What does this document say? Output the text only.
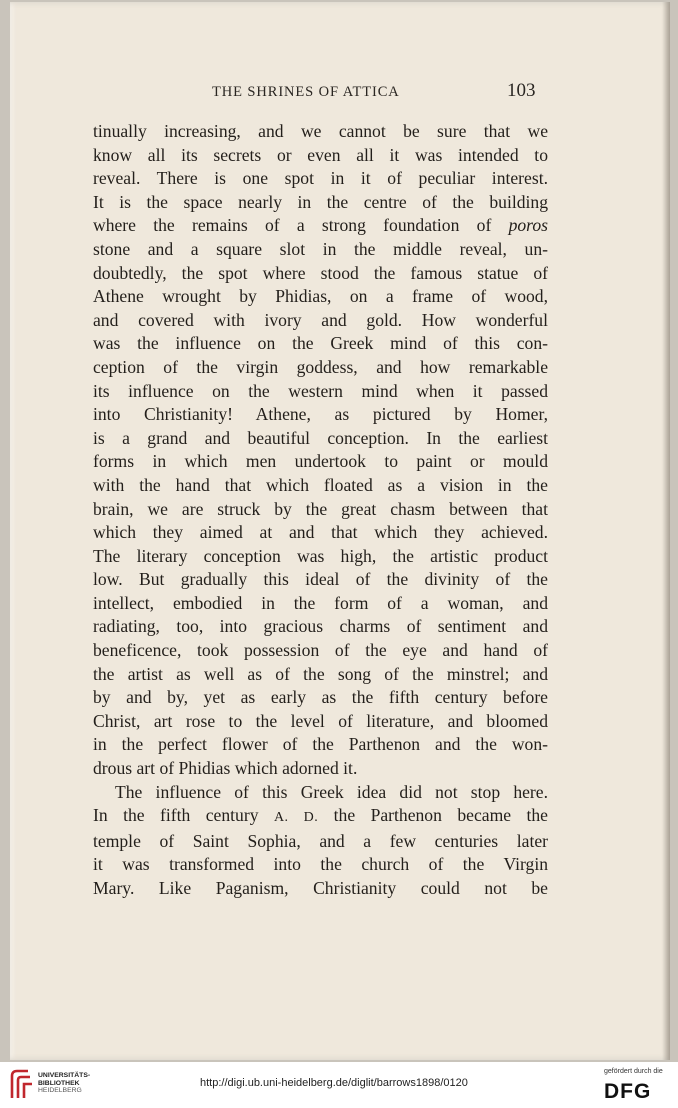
THE SHRINES OF ATTICA	103

tinually increasing, and we cannot be sure that we
know all its secrets or even all it was intended to
reveal. There is one spot in it of peculiar interest.
It is the space nearly in the centre of the building
where the remains of a strong foundation of poros
stone and a square slot in the middle reveal, un-
doubtedly, the spot where stood the famous statue of
Athene wrought by Phidias, on a frame of wood,
and covered with ivory and gold. How wonderful
was the influence on the Greek mind of this con-
ception of the virgin goddess, and how remarkable
its influence on the western mind when it passed
into Christianity! Athene, as pictured by Homer,
is a grand and beautiful conception. In the earliest
forms in which men undertook to paint or mould
with the hand that which floated as a vision in the
brain, we are struck by the great chasm between that
which they aimed at and that which they achieved.
The literary conception was high, the artistic product
low. But gradually this ideal of the divinity of the
intellect, embodied in the form of a woman, and
radiating, too, into gracious charms of sentiment and
beneficence, took possession of the eye and hand of
the artist as well as of the song of the minstrel; and
by and by, yet as early as the fifth century before
Christ, art rose to the level of literature, and bloomed
in the perfect flower of the Parthenon and the won-
drous art of Phidias which adorned it.

The influence of this Greek idea did not stop here.
In the fifth century A. D. the Parthenon became the
temple of Saint Sophia, and a few centuries later
it was transformed into the church of the Virgin
Mary. Like Paganism, Christianity could not be

UNIVERSITÄTS-
BIBLIOTHEK
HEIDELBERG
http://digi.ub.uni-heidelberg.de/diglit/barrows1898/0120
gefördert durch die
DFG
